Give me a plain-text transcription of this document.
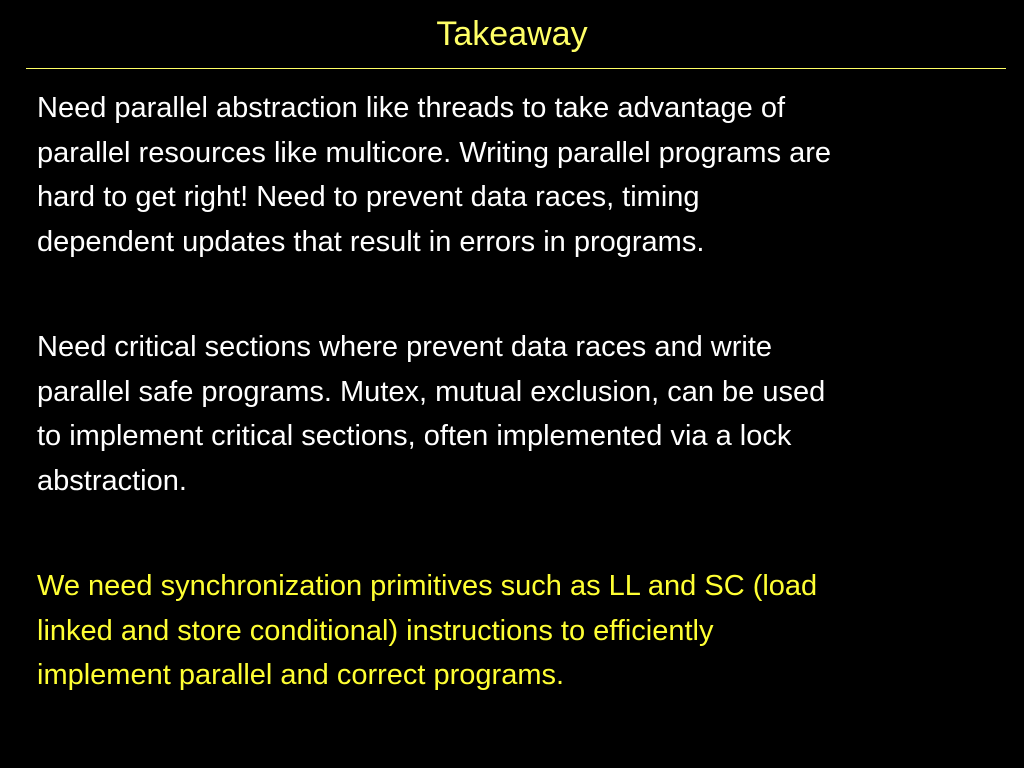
Takeaway
Need parallel abstraction like threads to take advantage of
parallel resources like multicore. Writing parallel programs are
hard to get right! Need to prevent data races, timing
dependent updates that result in errors in programs.
Need critical sections where prevent data races and write
parallel safe programs. Mutex, mutual exclusion, can be used
to implement critical sections, often implemented via a lock
abstraction.
We need synchronization primitives such as LL and SC (load
linked and store conditional) instructions to efficiently
implement parallel and correct programs.
